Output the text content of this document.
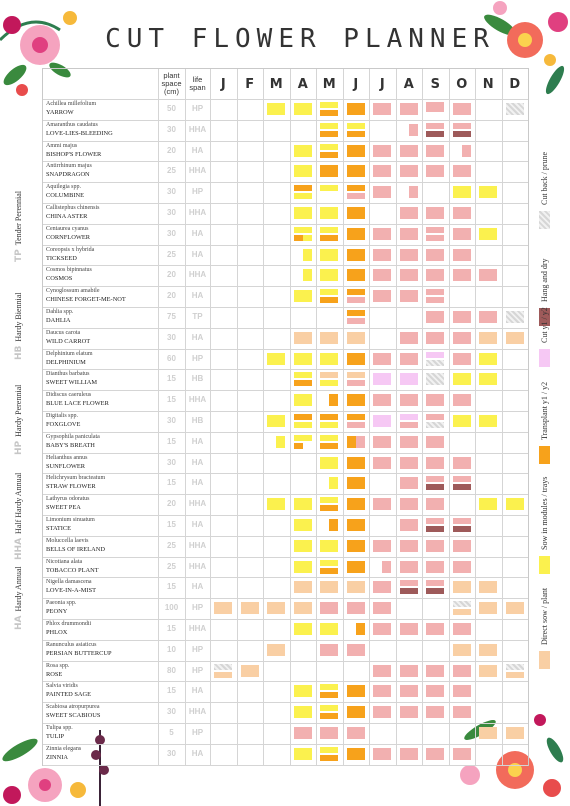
CUT FLOWER PLANNER
plant space (cm)
life span	J	F	M	A	M	J	J	A	S	O	N	D
Achillea millefolium
YARROW	50	HP
Amaranthus caudatus
LOVE-LIES-BLEEDING	30	HHA
Ammi majus
BISHOP'S FLOWER	20	HA
Antirrhinum majus
SNAPDRAGON	25	HHA
Aquilegia spp.
COLUMBINE	30	HP
Callistephus chinensis
CHINA ASTER	30	HHA
Centaurea cyanus
CORNFLOWER	30	HA
Coreopsis x hybrida
TICKSEED	25	HA
Cosmos bipinnatus
COSMOS	20	HHA
Cynoglossum amabile
CHINESE FORGET-ME-NOT	20	HA
Dahlia spp.
DAHLIA	75	TP
Daucus carota
WILD CARROT	30	HA
Delphinium elatum
DELPHINIUM	60	HP
Dianthus barbatus
SWEET WILLIAM	15	HB
Didiscus caeruleus
BLUE LACE FLOWER	15	HHA
Digitalis spp.
FOXGLOVE	30	HB
Gypsophila paniculata
BABY'S BREATH	15	HA
Helianthus annus
SUNFLOWER	30	HA
Helichrysum bracteatum
STRAW FLOWER	15	HA
Lathyrus odoratus
SWEET PEA	20	HHA
Limonium sinuatum
STATICE	15	HA
Moluccella laevis
BELLS OF IRELAND	25	HHA
Nicotiana alata
TOBACCO PLANT	25	HHA
Nigella damascena
LOVE-IN-A-MIST	15	HA
Paeonia spp.
PEONY	100	HP
Phlox drummondii
PHLOX	15	HHA
Ranunculus asiaticus
PERSIAN BUTTERCUP	10	HP
Rosa spp.
ROSE	80	HP
Salvia viridis
PAINTED SAGE	15	HA
Scabiosa atropurpurea
SWEET SCABIOUS	30	HHA
Tulipa spp.
TULIP	5	HP
Zinnia elegans
ZINNIA	30	HA
TPTender Perennial
HBHardy Biennial
HPHardy Perennial
HHAHalf Hardy Annual
HAHardy Annual
Cut back / prune
Hang and dry
Cut y1 / y2
Transplant y1 / y2
Sow in modules / trays
Direct sow / plant
